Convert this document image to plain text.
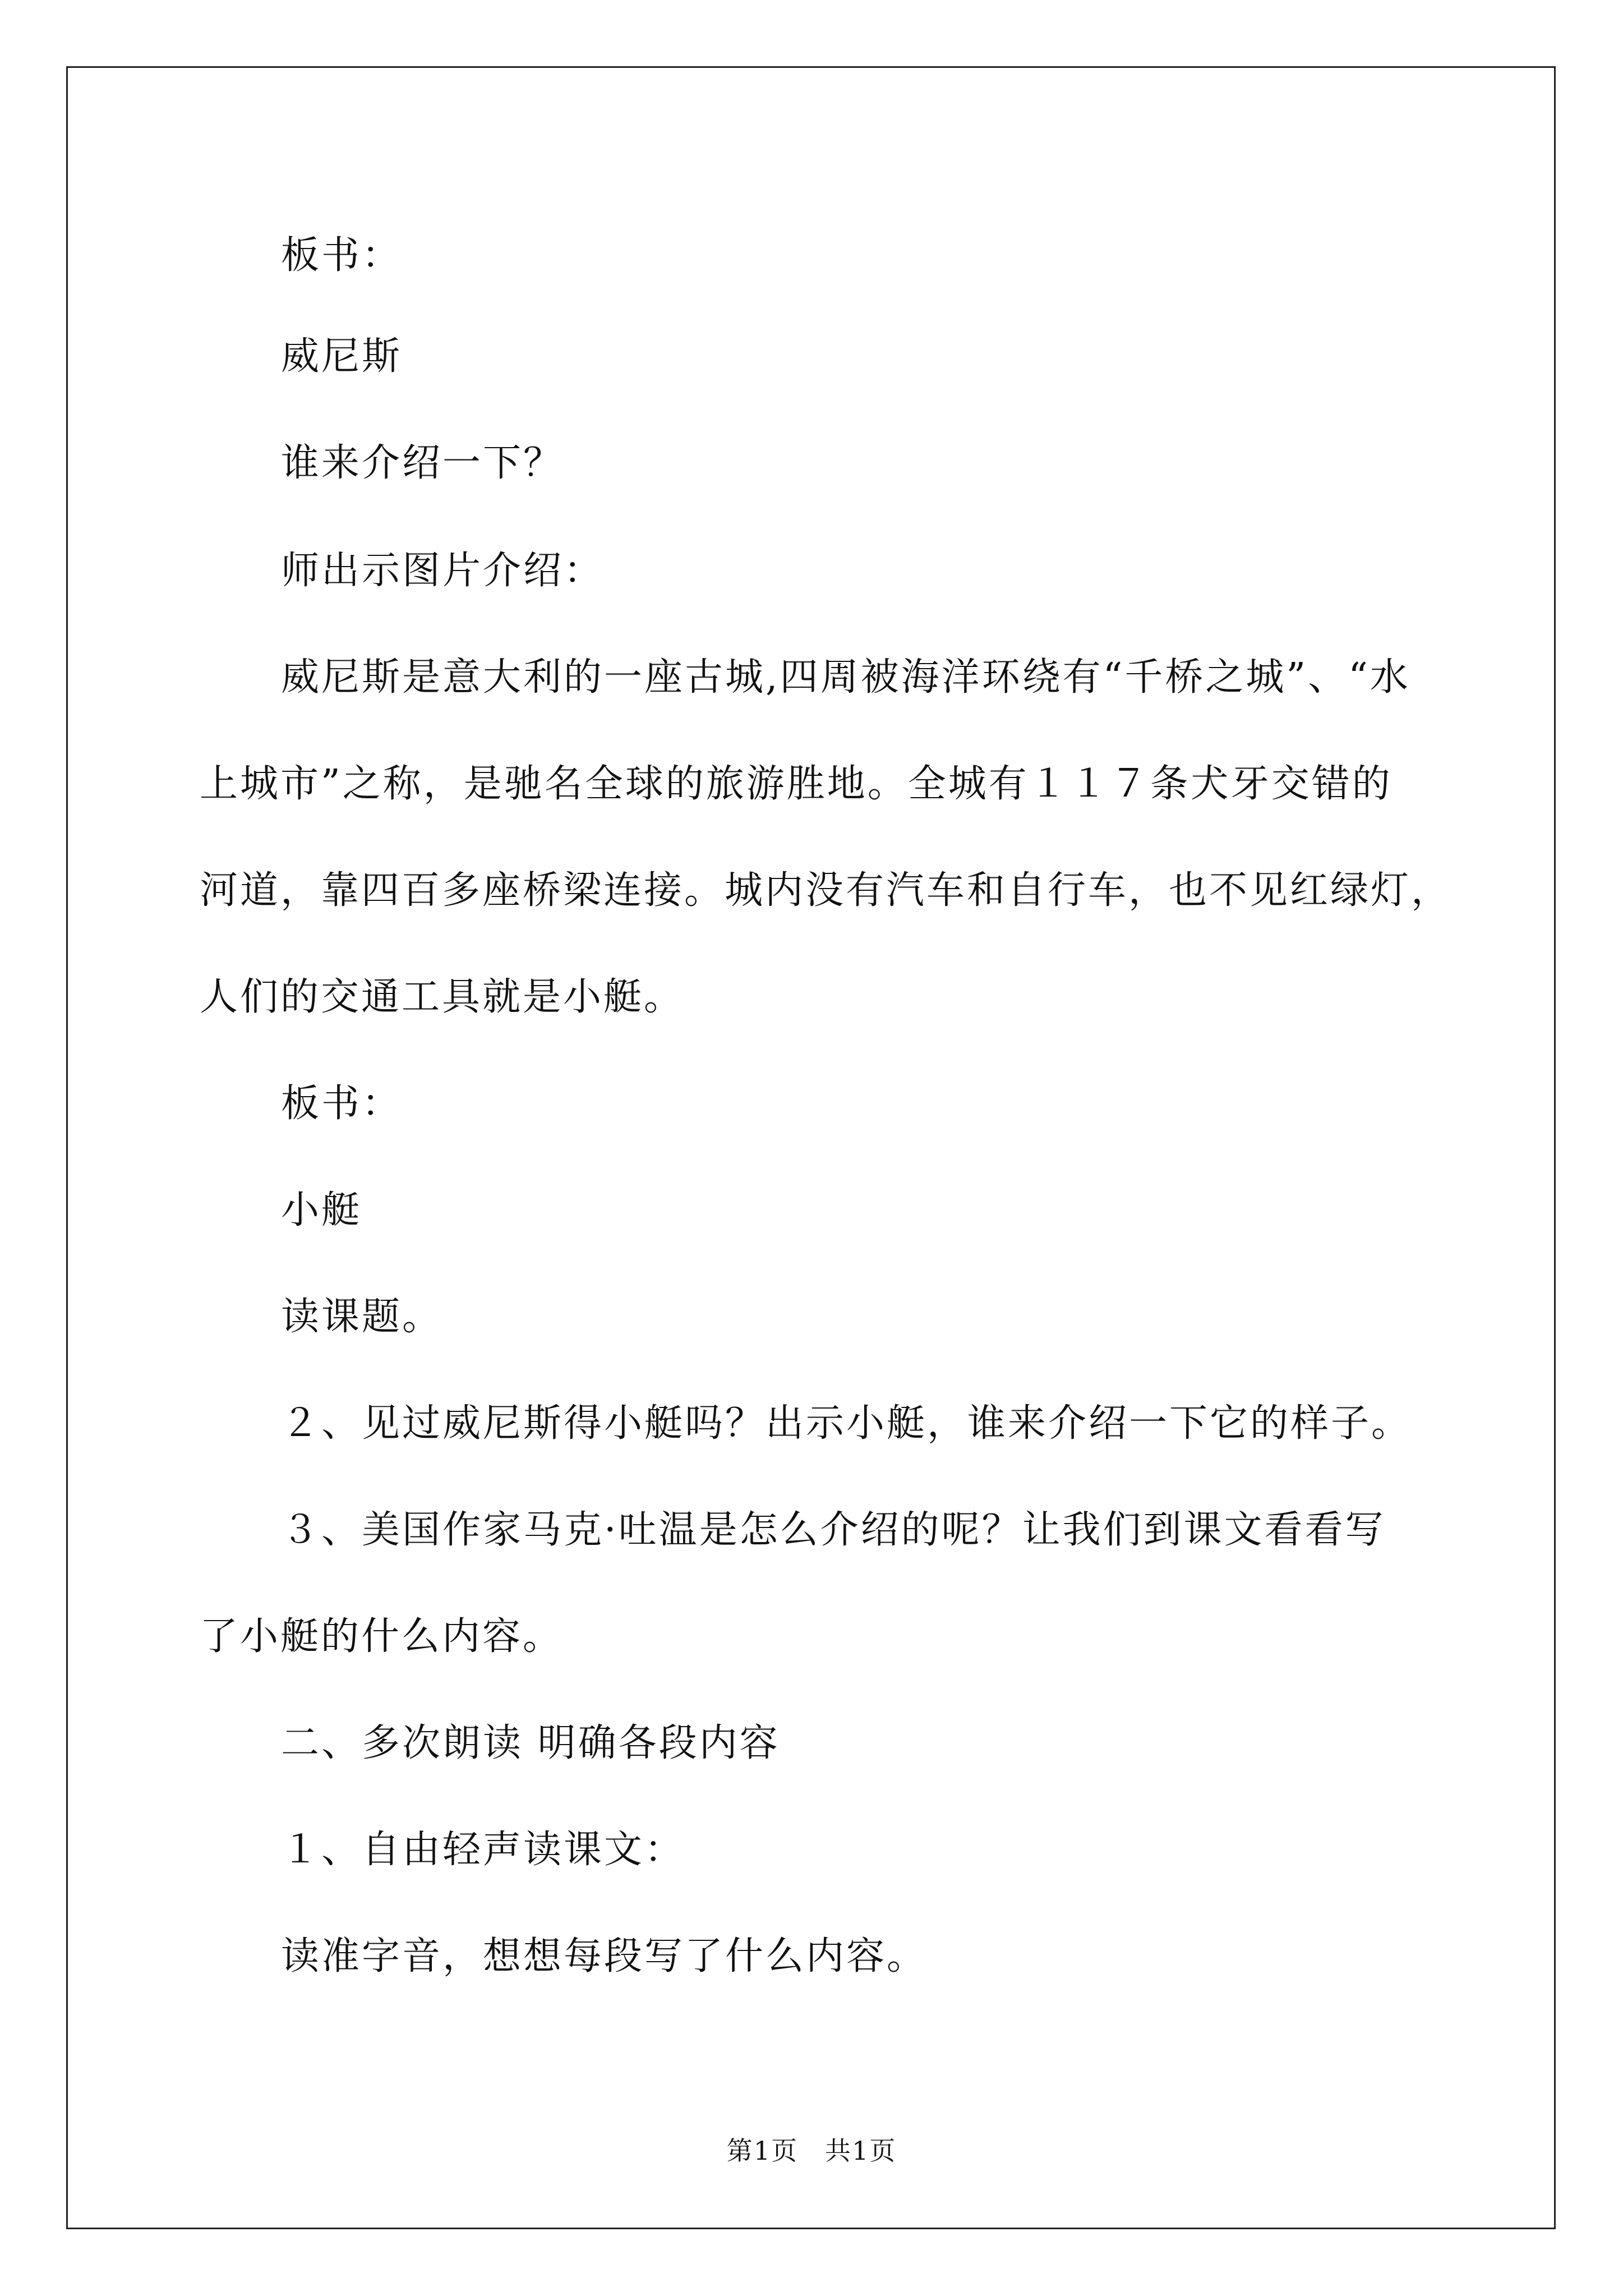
板书：
威尼斯
谁来介绍一下？
师出示图片介绍：
威尼斯是意大利的一座古城,四周被海洋环绕有“千桥之城”、“水
上城市”之称，是驰名全球的旅游胜地。全城有１１７条犬牙交错的
河道，靠四百多座桥梁连接。城内没有汽车和自行车，也不见红绿灯，
人们的交通工具就是小艇。
板书：
小艇
读课题。
２、见过威尼斯得小艇吗？出示小艇，谁来介绍一下它的样子。
３、美国作家马克·吐温是怎么介绍的呢？让我们到课文看看写
了小艇的什么内容。
二、多次朗读 明确各段内容
１、自由轻声读课文：
读准字音，想想每段写了什么内容。
第1页　共1页
